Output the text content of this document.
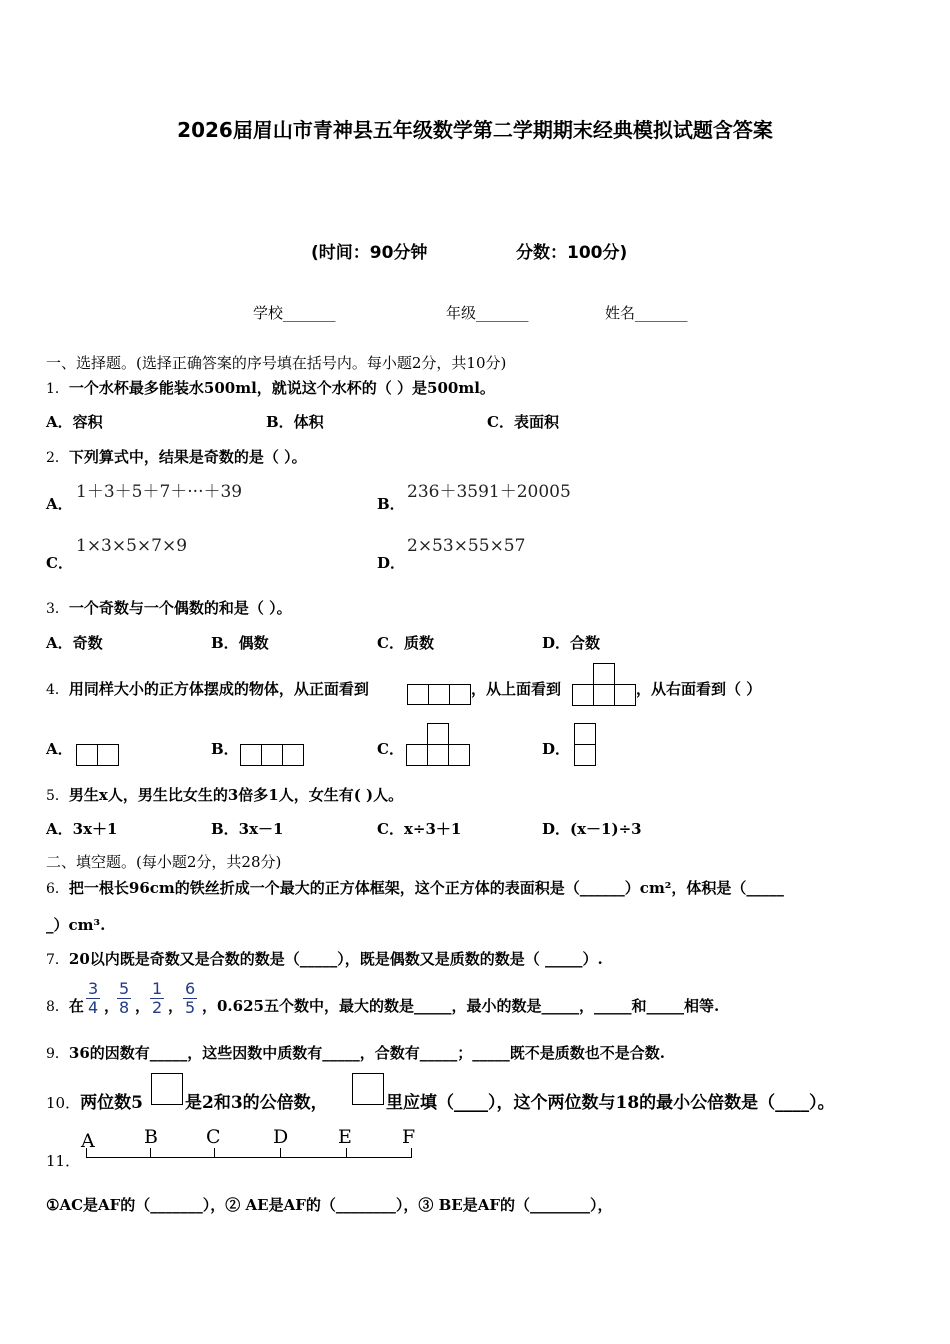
2026届眉山市青神县五年级数学第二学期期末经典模拟试题含答案
(时间：90分钟	分数：100分)
学校_______	年级_______	姓名_______
一、选择题。(选择正确答案的序号填在括号内。每小题2分，共10分)
1．一个水杯最多能装水500ml，就说这个水杯的（ ）是500ml。
A．容积	B．体积	C．表面积
2．下列算式中，结果是奇数的是（ ）。
A．
1＋3＋5＋7＋···＋39
B．
236＋3591＋20005
C．
1×3×5×7×9
D．
2×53×55×57
3．一个奇数与一个偶数的和是（ ）。
A．奇数	B．偶数	C．质数	D．合数
4．用同样大小的正方体摆成的物体，从正面看到	，从上面看到	，从右面看到（ ）
A．	B．	C．	D．
5．男生x人，男生比女生的3倍多1人，女生有( )人。
A．3x＋1	B．3x－1	C．x÷3＋1	D．(x－1)÷3
二、填空题。(每小题2分，共28分)
6．把一根长96cm的铁丝折成一个最大的正方体框架，这个正方体的表面积是（______）cm²，体积是（_____
_）cm³.
7．20以内既是奇数又是合数的数是（_____），既是偶数又是质数的数是（ _____）.
8．在 $\frac{3}{4}$ ，
$\frac{5}{8}$ ， $\frac{1}{2}$ ， $\frac{6}{5}$ ，0.625五个数中，最大的数是_____，最小的数是_____，_____和_____相等.
9．36的因数有_____，这些因数中质数有_____，合数有_____；_____既不是质数也不是合数.
10．两位数5 是2和3的公倍数，	里应填（____），这个两位数与18的最小公倍数是（____）。
11．
A	B	C	D	E	F
①AC是AF的（_______），② AE是AF的（________），③ BE是AF的（________），
